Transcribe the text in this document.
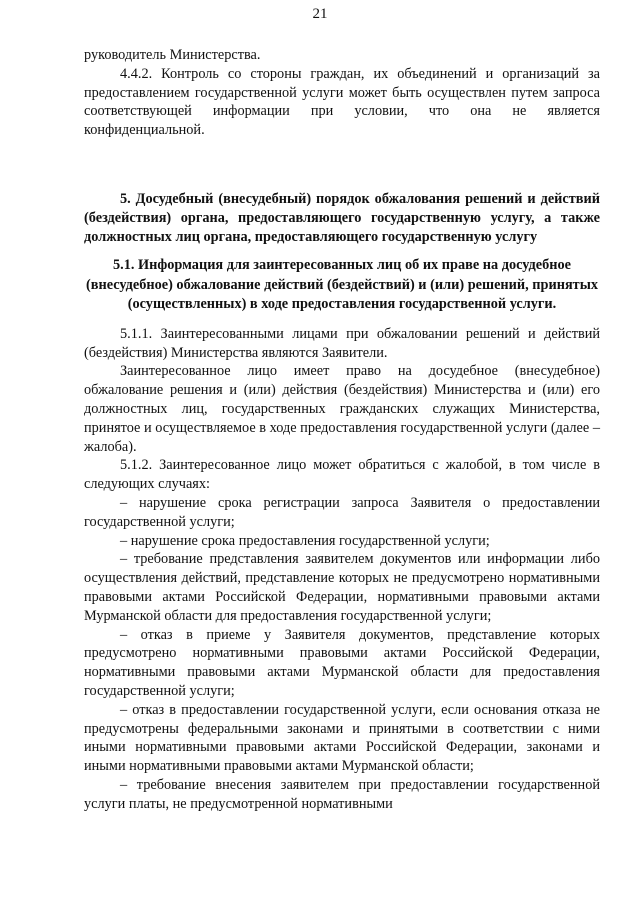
21

руководитель Министерства.

4.4.2. Контроль со стороны граждан, их объединений и организаций за предоставлением государственной услуги может быть осуществлен путем запроса соответствующей информации при условии, что она не является конфиденциальной.

5. Досудебный (внесудебный) порядок обжалования решений и действий (бездействия) органа, предоставляющего государственную услугу, а также должностных лиц органа, предоставляющего государственную услугу

5.1. Информация для заинтересованных лиц об их праве на досудебное (внесудебное) обжалование действий (бездействий) и (или) решений, принятых (осуществленных) в ходе предоставления государственной услуги.

5.1.1. Заинтересованными лицами при обжаловании решений и действий (бездействия) Министерства являются Заявители.

Заинтересованное лицо имеет право на досудебное (внесудебное) обжалование решения и (или) действия (бездействия) Министерства и (или) его должностных лиц, государственных гражданских служащих Министерства, принятое и осуществляемое в ходе предоставления государственной услуги (далее – жалоба).

5.1.2. Заинтересованное лицо может обратиться с жалобой, в том числе в следующих случаях:

– нарушение срока регистрации запроса Заявителя о предоставлении государственной услуги;

– нарушение срока предоставления государственной услуги;

– требование представления заявителем документов или информации либо осуществления действий, представление которых не предусмотрено нормативными правовыми актами Российской Федерации, нормативными правовыми актами Мурманской области для предоставления государственной услуги;

– отказ в приеме у Заявителя документов, представление которых предусмотрено нормативными правовыми актами Российской Федерации, нормативными правовыми актами Мурманской области для предоставления государственной услуги;

– отказ в предоставлении государственной услуги, если основания отказа не предусмотрены федеральными законами и принятыми в соответствии с ними иными нормативными правовыми актами Российской Федерации, законами и иными нормативными правовыми актами Мурманской области;

– требование внесения заявителем при предоставлении государственной услуги платы, не предусмотренной нормативными
